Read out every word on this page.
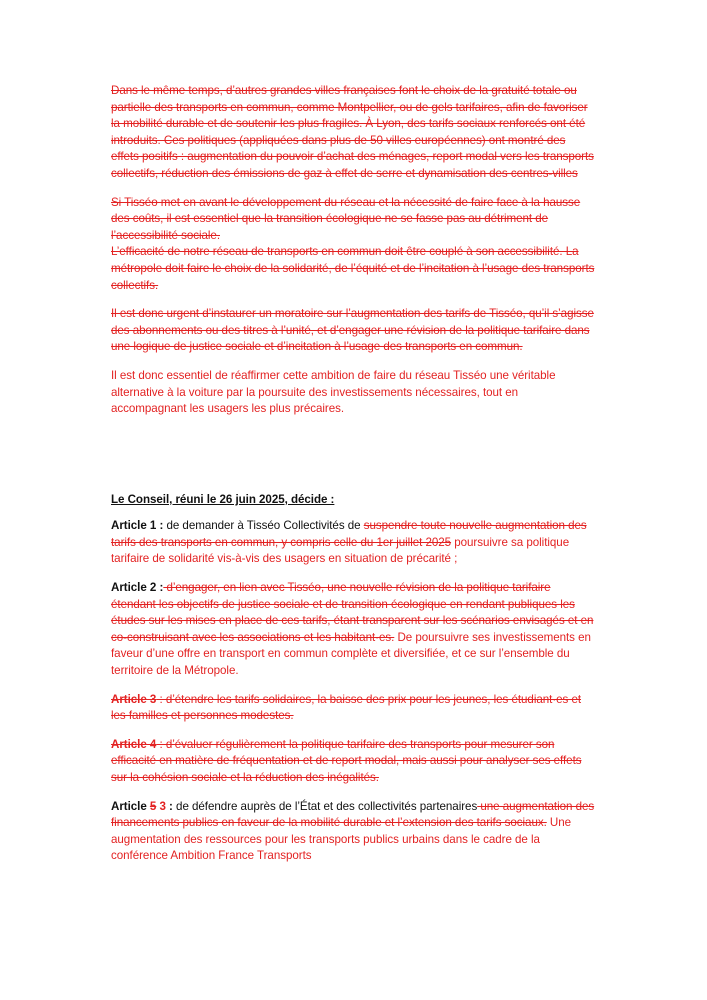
Dans le même temps, d’autres grandes villes françaises font le choix de la gratuité totale ou partielle des transports en commun, comme Montpellier, ou de gels tarifaires, afin de favoriser la mobilité durable et de soutenir les plus fragiles. À Lyon, des tarifs sociaux renforcés ont été introduits. Ces politiques (appliquées dans plus de 50 villes européennes) ont montré des effets positifs : augmentation du pouvoir d’achat des ménages, report modal vers les transports collectifs, réduction des émissions de gaz à effet de serre et dynamisation des centres-villes

Si Tisséo met en avant le développement du réseau et la nécessité de faire face à la hausse des coûts, il est essentiel que la transition écologique ne se fasse pas au détriment de l’accessibilité sociale.
L’efficacité de notre réseau de transports en commun doit être couplé à son accessibilité. La métropole doit faire le choix de la solidarité, de l’équité et de l’incitation à l’usage des transports collectifs.

Il est donc urgent d’instaurer un moratoire sur l’augmentation des tarifs de Tisséo, qu’il s’agisse des abonnements ou des titres à l’unité, et d’engager une révision de la politique tarifaire dans une logique de justice sociale et d’incitation à l’usage des transports en commun.

Il est donc essentiel de réaffirmer cette ambition de faire du réseau Tisséo une véritable alternative à la voiture par la poursuite des investissements nécessaires, tout en accompagnant les usagers les plus précaires.

Le Conseil, réuni le 26 juin 2025, décide :

Article 1 : de demander à Tisséo Collectivités de suspendre toute nouvelle augmentation des tarifs des transports en commun, y compris celle du 1er juillet 2025 poursuivre sa politique tarifaire de solidarité vis-à-vis des usagers en situation de précarité ;

Article 2 : d’engager, en lien avec Tisséo, une nouvelle révision de la politique tarifaire étendant les objectifs de justice sociale et de transition écologique en rendant publiques les études sur les mises en place de ces tarifs, étant transparent sur les scénarios envisagés et en co-construisant avec les associations et les habitant·es. De poursuivre ses investissements en faveur d’une offre en transport en commun complète et diversifiée, et ce sur l’ensemble du territoire de la Métropole.

Article 3 : d’étendre les tarifs solidaires, la baisse des prix pour les jeunes, les étudiant·es et les familles et personnes modestes.

Article 4 : d’évaluer régulièrement la politique tarifaire des transports pour mesurer son efficacité en matière de fréquentation et de report modal, mais aussi pour analyser ses effets sur la cohésion sociale et la réduction des inégalités.

Article 5 3 : de défendre auprès de l’État et des collectivités partenaires une augmentation des financements publics en faveur de la mobilité durable et l’extension des tarifs sociaux. Une augmentation des ressources pour les transports publics urbains dans le cadre de la conférence Ambition France Transports
